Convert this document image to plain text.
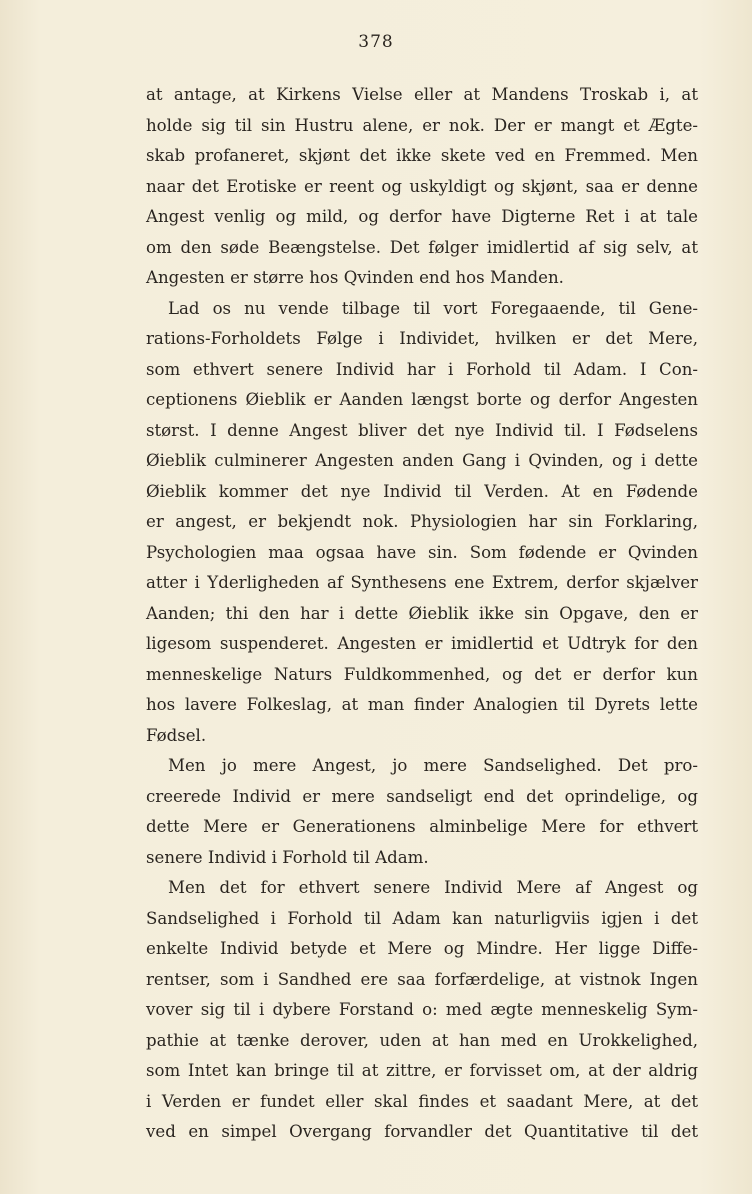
378
at antage, at Kirkens Vielse eller at Mandens Troskab i, at
holde sig til sin Hustru alene, er nok. Der er mangt et Ægte-
skab profaneret, skjønt det ikke skete ved en Fremmed. Men
naar det Erotiske er reent og uskyldigt og skjønt, saa er denne
Angest venlig og mild, og derfor have Digterne Ret i at tale
om den søde Beængstelse. Det følger imidlertid af sig selv, at
Angesten er større hos Qvinden end hos Manden.
Lad os nu vende tilbage til vort Foregaaende, til Gene-
rations-Forholdets Følge i Individet, hvilken er det Mere,
som ethvert senere Individ har i Forhold til Adam. I Con-
ceptionens Øieblik er Aanden længst borte og derfor Angesten
størst. I denne Angest bliver det nye Individ til. I Fødselens
Øieblik culminerer Angesten anden Gang i Qvinden, og i dette
Øieblik kommer det nye Individ til Verden. At en Fødende
er angest, er bekjendt nok. Physiologien har sin Forklaring,
Psychologien maa ogsaa have sin. Som fødende er Qvinden
atter i Yderligheden af Synthesens ene Extrem, derfor skjælver
Aanden; thi den har i dette Øieblik ikke sin Opgave, den er
ligesom suspenderet. Angesten er imidlertid et Udtryk for den
menneskelige Naturs Fuldkommenhed, og det er derfor kun
hos lavere Folkeslag, at man finder Analogien til Dyrets lette
Fødsel.
Men jo mere Angest, jo mere Sandselighed. Det pro-
creerede Individ er mere sandseligt end det oprindelige, og
dette Mere er Generationens alminbelige Mere for ethvert
senere Individ i Forhold til Adam.
Men det for ethvert senere Individ Mere af Angest og
Sandselighed i Forhold til Adam kan naturligviis igjen i det
enkelte Individ betyde et Mere og Mindre. Her ligge Diffe-
rentser, som i Sandhed ere saa forfærdelige, at vistnok Ingen
vover sig til i dybere Forstand o: med ægte menneskelig Sym-
pathie at tænke derover, uden at han med en Urokkelighed,
som Intet kan bringe til at zittre, er forvisset om, at der aldrig
i Verden er fundet eller skal findes et saadant Mere, at det
ved en simpel Overgang forvandler det Quantitative til det
